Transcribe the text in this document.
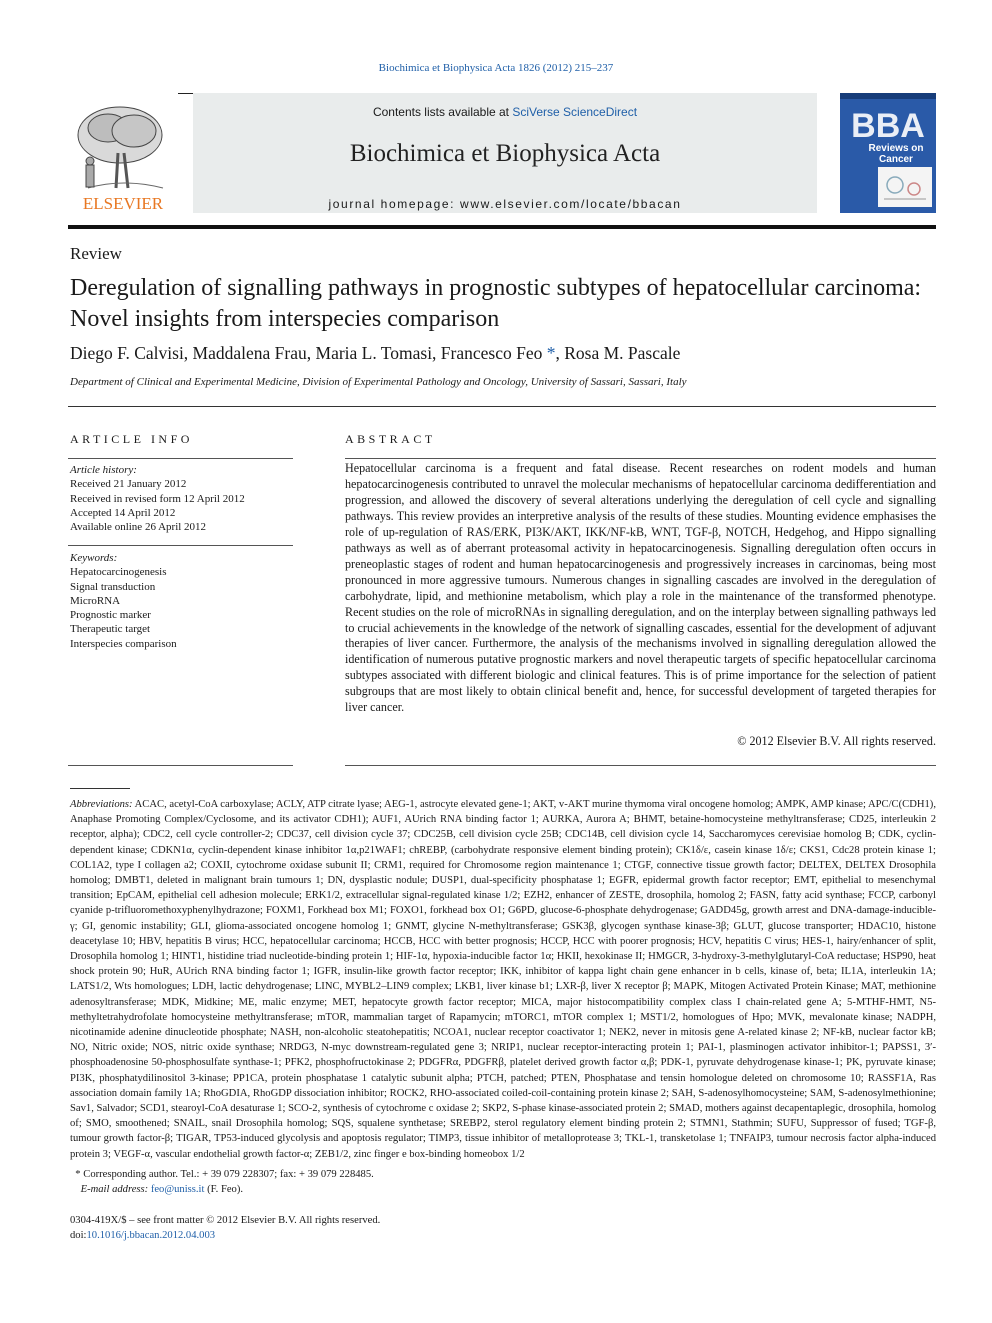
Biochimica et Biophysica Acta 1826 (2012) 215–237
ELSEVIER
Contents lists available at SciVerse ScienceDirect
Biochimica et Biophysica Acta
journal homepage: www.elsevier.com/locate/bbacan
BBA
Reviews on
Cancer
Review
Deregulation of signalling pathways in prognostic subtypes of hepatocellular carcinoma: Novel insights from interspecies comparison
Diego F. Calvisi, Maddalena Frau, Maria L. Tomasi, Francesco Feo *, Rosa M. Pascale
Department of Clinical and Experimental Medicine, Division of Experimental Pathology and Oncology, University of Sassari, Sassari, Italy
ARTICLE INFO
Article history:
Received 21 January 2012
Received in revised form 12 April 2012
Accepted 14 April 2012
Available online 26 April 2012
Keywords:
Hepatocarcinogenesis
Signal transduction
MicroRNA
Prognostic marker
Therapeutic target
Interspecies comparison
ABSTRACT
Hepatocellular carcinoma is a frequent and fatal disease. Recent researches on rodent models and human hepatocarcinogenesis contributed to unravel the molecular mechanisms of hepatocellular carcinoma dedifferentiation and progression, and allowed the discovery of several alterations underlying the deregulation of cell cycle and signalling pathways. This review provides an interpretive analysis of the results of these studies. Mounting evidence emphasises the role of up-regulation of RAS/ERK, PI3K/AKT, IKK/NF-kB, WNT, TGF-β, NOTCH, Hedgehog, and Hippo signalling pathways as well as of aberrant proteasomal activity in hepatocarcinogenesis. Signalling deregulation often occurs in preneoplastic stages of rodent and human hepatocarcinogenesis and progressively increases in carcinomas, being most pronounced in more aggressive tumours. Numerous changes in signalling cascades are involved in the deregulation of carbohydrate, lipid, and methionine metabolism, which play a role in the maintenance of the transformed phenotype. Recent studies on the role of microRNAs in signalling deregulation, and on the interplay between signalling pathways led to crucial achievements in the knowledge of the network of signalling cascades, essential for the development of adjuvant therapies of liver cancer. Furthermore, the analysis of the mechanisms involved in signalling deregulation allowed the identification of numerous putative prognostic markers and novel therapeutic targets of specific hepatocellular carcinoma subtypes associated with different biologic and clinical features. This is of prime importance for the selection of patient subgroups that are most likely to obtain clinical benefit and, hence, for successful development of targeted therapies for liver cancer.
© 2012 Elsevier B.V. All rights reserved.
Abbreviations: ACAC, acetyl-CoA carboxylase; ACLY, ATP citrate lyase; AEG-1, astrocyte elevated gene-1; AKT, v-AKT murine thymoma viral oncogene homolog; AMPK, AMP kinase; APC/C(CDH1), Anaphase Promoting Complex/Cyclosome, and its activator CDH1); AUF1, AUrich RNA binding factor 1; AURKA, Aurora A; BHMT, betaine-homocysteine methyltransferase; CD25, interleukin 2 receptor, alpha); CDC2, cell cycle controller-2; CDC37, cell division cycle 37; CDC25B, cell division cycle 25B; CDC14B, cell division cycle 14, Saccharomyces cerevisiae homolog B; CDK, cyclin-dependent kinase; CDKN1α, cyclin-dependent kinase inhibitor 1α,p21WAF1; chREBP, (carbohydrate responsive element binding protein); CK1δ/ε, casein kinase 1δ/ε; CKS1, Cdc28 protein kinase 1; COL1A2, type I collagen a2; COXII, cytochrome oxidase subunit II; CRM1, required for Chromosome region maintenance 1; CTGF, connective tissue growth factor; DELTEX, DELTEX Drosophila homolog; DMBT1, deleted in malignant brain tumours 1; DN, dysplastic nodule; DUSP1, dual-specificity phosphatase 1; EGFR, epidermal growth factor receptor; EMT, epithelial to mesenchymal transition; EpCAM, epithelial cell adhesion molecule; ERK1/2, extracellular signal-regulated kinase 1/2; EZH2, enhancer of ZESTE, drosophila, homolog 2; FASN, fatty acid synthase; FCCP, carbonyl cyanide p-trifluoromethoxyphenylhydrazone; FOXM1, Forkhead box M1; FOXO1, forkhead box O1; G6PD, glucose-6-phosphate dehydrogenase; GADD45g, growth arrest and DNA-damage-inducible-γ; GI, genomic instability; GLI, glioma-associated oncogene homolog 1; GNMT, glycine N-methyltransferase; GSK3β, glycogen synthase kinase-3β; GLUT, glucose transporter; HDAC10, histone deacetylase 10; HBV, hepatitis B virus; HCC, hepatocellular carcinoma; HCCB, HCC with better prognosis; HCCP, HCC with poorer prognosis; HCV, hepatitis C virus; HES-1, hairy/enhancer of split, Drosophila homolog 1; HINT1, histidine triad nucleotide-binding protein 1; HIF-1α, hypoxia-inducible factor 1α; HKII, hexokinase II; HMGCR, 3-hydroxy-3-methylglutaryl-CoA reductase; HSP90, heat shock protein 90; HuR, AUrich RNA binding factor 1; IGFR, insulin-like growth factor receptor; IKK, inhibitor of kappa light chain gene enhancer in b cells, kinase of, beta; IL1A, interleukin 1A; LATS1/2, Wts homologues; LDH, lactic dehydrogenase; LINC, MYBL2–LIN9 complex; LKB1, liver kinase b1; LXR-β, liver X receptor β; MAPK, Mitogen Activated Protein Kinase; MAT, methionine adenosyltransferase; MDK, Midkine; ME, malic enzyme; MET, hepatocyte growth factor receptor; MICA, major histocompatibility complex class I chain-related gene A; 5-MTHF-HMT, N5-methyltetrahydrofolate homocysteine methyltransferase; mTOR, mammalian target of Rapamycin; mTORC1, mTOR complex 1; MST1/2, homologues of Hpo; MVK, mevalonate kinase; NADPH, nicotinamide adenine dinucleotide phosphate; NASH, non-alcoholic steatohepatitis; NCOA1, nuclear receptor coactivator 1; NEK2, never in mitosis gene A-related kinase 2; NF-kB, nuclear factor kB; NO, Nitric oxide; NOS, nitric oxide synthase; NRDG3, N-myc downstream-regulated gene 3; NRIP1, nuclear receptor-interacting protein 1; PAI-1, plasminogen activator inhibitor-1; PAPSS1, 3′-phosphoadenosine 50-phosphosulfate synthase-1; PFK2, phosphofructokinase 2; PDGFRα, PDGFRβ, platelet derived growth factor α,β; PDK-1, pyruvate dehydrogenase kinase-1; PK, pyruvate kinase; PI3K, phosphatydilinositol 3-kinase; PP1CA, protein phosphatase 1 catalytic subunit alpha; PTCH, patched; PTEN, Phosphatase and tensin homologue deleted on chromosome 10; RASSF1A, Ras association domain family 1A; RhoGDIA, RhoGDP dissociation inhibitor; ROCK2, RHO-associated coiled-coil-containing protein kinase 2; SAH, S-adenosylhomocysteine; SAM, S-adenosylmethionine; Sav1, Salvador; SCD1, stearoyl-CoA desaturase 1; SCO-2, synthesis of cytochrome c oxidase 2; SKP2, S-phase kinase-associated protein 2; SMAD, mothers against decapentaplegic, drosophila, homolog of; SMO, smoothened; SNAIL, snail Drosophila homolog; SQS, squalene synthetase; SREBP2, sterol regulatory element binding protein 2; STMN1, Stathmin; SUFU, Suppressor of fused; TGF-β, tumour growth factor-β; TIGAR, TP53-induced glycolysis and apoptosis regulator; TIMP3, tissue inhibitor of metalloprotease 3; TKL-1, transketolase 1; TNFAIP3, tumour necrosis factor alpha-induced protein 3; VEGF-α, vascular endothelial growth factor-α; ZEB1/2, zinc finger e box-binding homeobox 1/2
* Corresponding author. Tel.: + 39 079 228307; fax: + 39 079 228485.
E-mail address: feo@uniss.it (F. Feo).
0304-419X/$ – see front matter © 2012 Elsevier B.V. All rights reserved.
doi:10.1016/j.bbacan.2012.04.003
